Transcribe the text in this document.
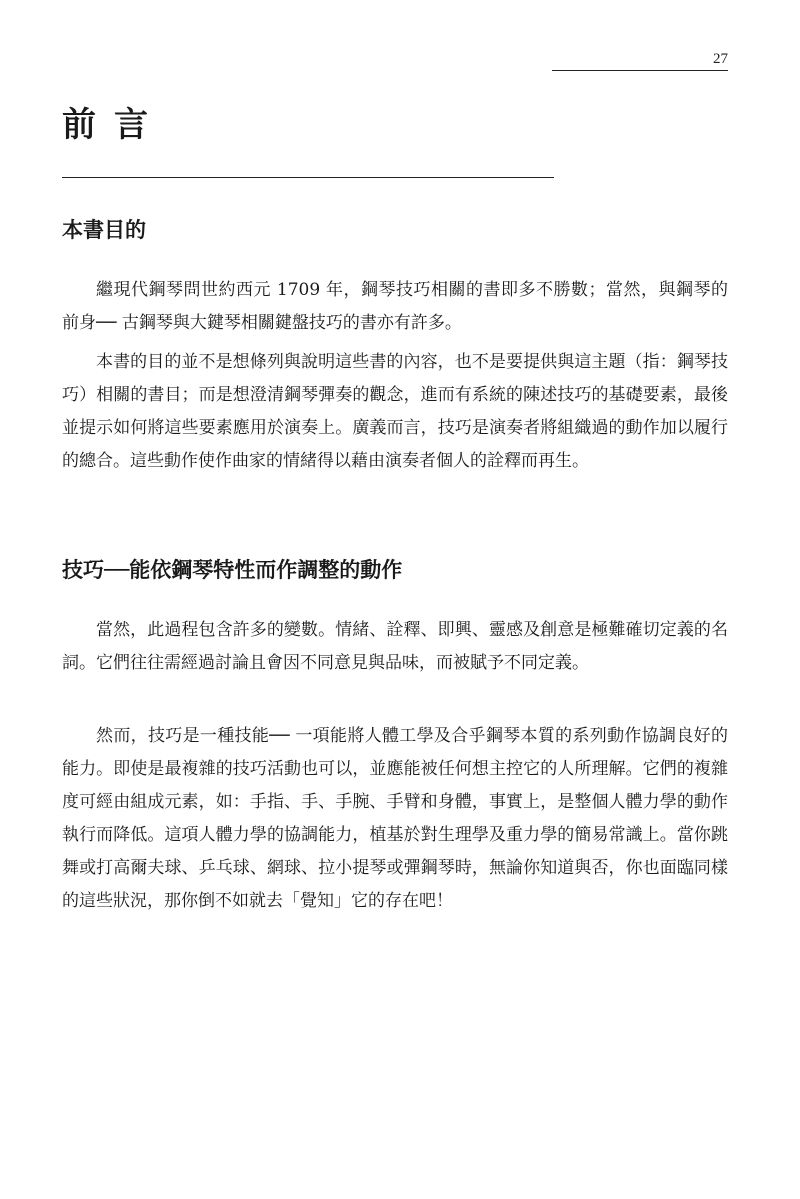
27
前言
本書目的

繼現代鋼琴問世約西元 1709 年，鋼琴技巧相關的書即多不勝數；當然，與鋼琴的前身── 古鋼琴與大鍵琴相關鍵盤技巧的書亦有許多。

本書的目的並不是想條列與說明這些書的內容，也不是要提供與這主題（指：鋼琴技巧）相關的書目；而是想澄清鋼琴彈奏的觀念，進而有系統的陳述技巧的基礎要素，最後並提示如何將這些要素應用於演奏上。廣義而言，技巧是演奏者將組織過的動作加以履行的總合。這些動作使作曲家的情緒得以藉由演奏者個人的詮釋而再生。

技巧──能依鋼琴特性而作調整的動作

當然，此過程包含許多的變數。情緒、詮釋、即興、靈感及創意是極難確切定義的名詞。它們往往需經過討論且會因不同意見與品味，而被賦予不同定義。

然而，技巧是一種技能── 一項能將人體工學及合乎鋼琴本質的系列動作協調良好的能力。即使是最複雜的技巧活動也可以，並應能被任何想主控它的人所理解。它們的複雜度可經由組成元素，如：手指、手、手腕、手臂和身體，事實上，是整個人體力學的動作執行而降低。這項人體力學的協調能力，植基於對生理學及重力學的簡易常識上。當你跳舞或打高爾夫球、乒乓球、網球、拉小提琴或彈鋼琴時，無論你知道與否，你也面臨同樣的這些狀況，那你倒不如就去「覺知」它的存在吧！
